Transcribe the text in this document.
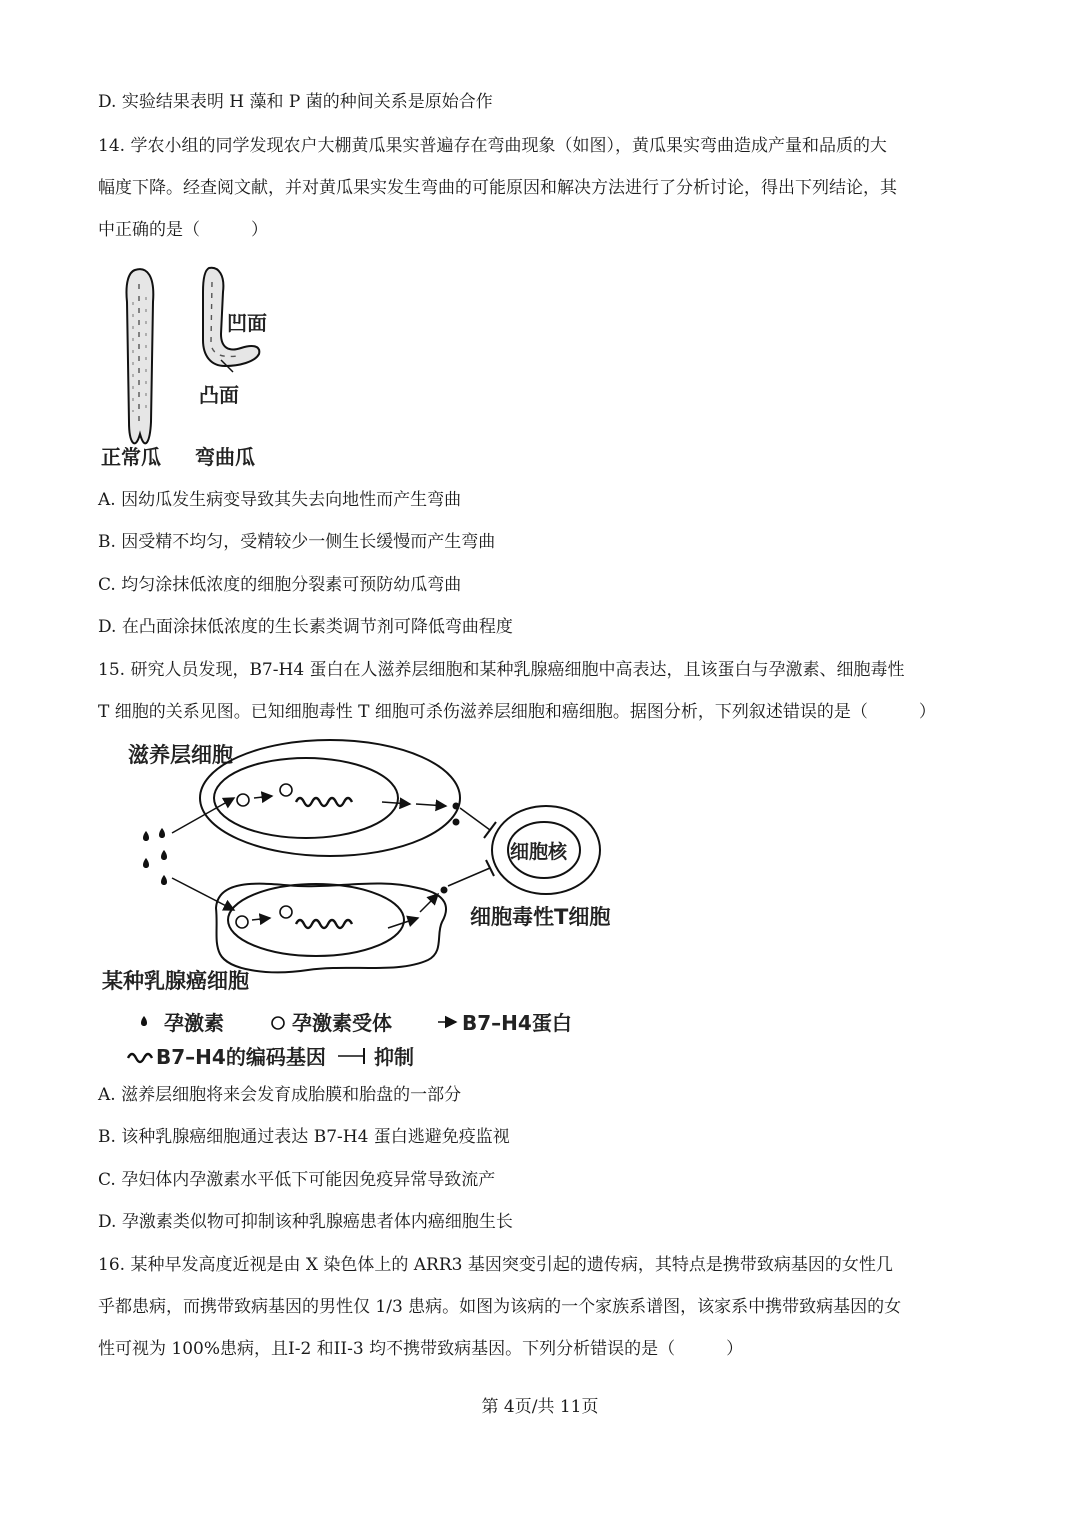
D. 实验结果表明 H 藻和 P 菌的种间关系是原始合作
14. 学农小组的同学发现农户大棚黄瓜果实普遍存在弯曲现象（如图），黄瓜果实弯曲造成产量和品质的大
幅度下降。经查阅文献，并对黄瓜果实发生弯曲的可能原因和解决方法进行了分析讨论，得出下列结论，其
中正确的是（　　　）
凹面
凸面
正常瓜 弯曲瓜
A. 因幼瓜发生病变导致其失去向地性而产生弯曲
B. 因受精不均匀，受精较少一侧生长缓慢而产生弯曲
C. 均匀涂抹低浓度的细胞分裂素可预防幼瓜弯曲
D. 在凸面涂抹低浓度的生长素类调节剂可降低弯曲程度
15. 研究人员发现，B7-H4 蛋白在人滋养层细胞和某种乳腺癌细胞中高表达，且该蛋白与孕激素、细胞毒性
T 细胞的关系见图。已知细胞毒性 T 细胞可杀伤滋养层细胞和癌细胞。据图分析，下列叙述错误的是（　　　）
滋养层细胞
细胞核
细胞毒性T细胞
某种乳腺癌细胞
孕激素	孕激素受体	B7–H4蛋白
B7–H4的编码基因 抑制
A. 滋养层细胞将来会发育成胎膜和胎盘的一部分
B. 该种乳腺癌细胞通过表达 B7-H4 蛋白逃避免疫监视
C. 孕妇体内孕激素水平低下可能因免疫异常导致流产
D. 孕激素类似物可抑制该种乳腺癌患者体内癌细胞生长
16. 某种早发高度近视是由 X 染色体上的 ARR3 基因突变引起的遗传病，其特点是携带致病基因的女性几
乎都患病，而携带致病基因的男性仅 1/3 患病。如图为该病的一个家族系谱图，该家系中携带致病基因的女
性可视为 100%患病，且I-2 和II-3 均不携带致病基因。下列分析错误的是（　　　）
第 4页/共 11页
